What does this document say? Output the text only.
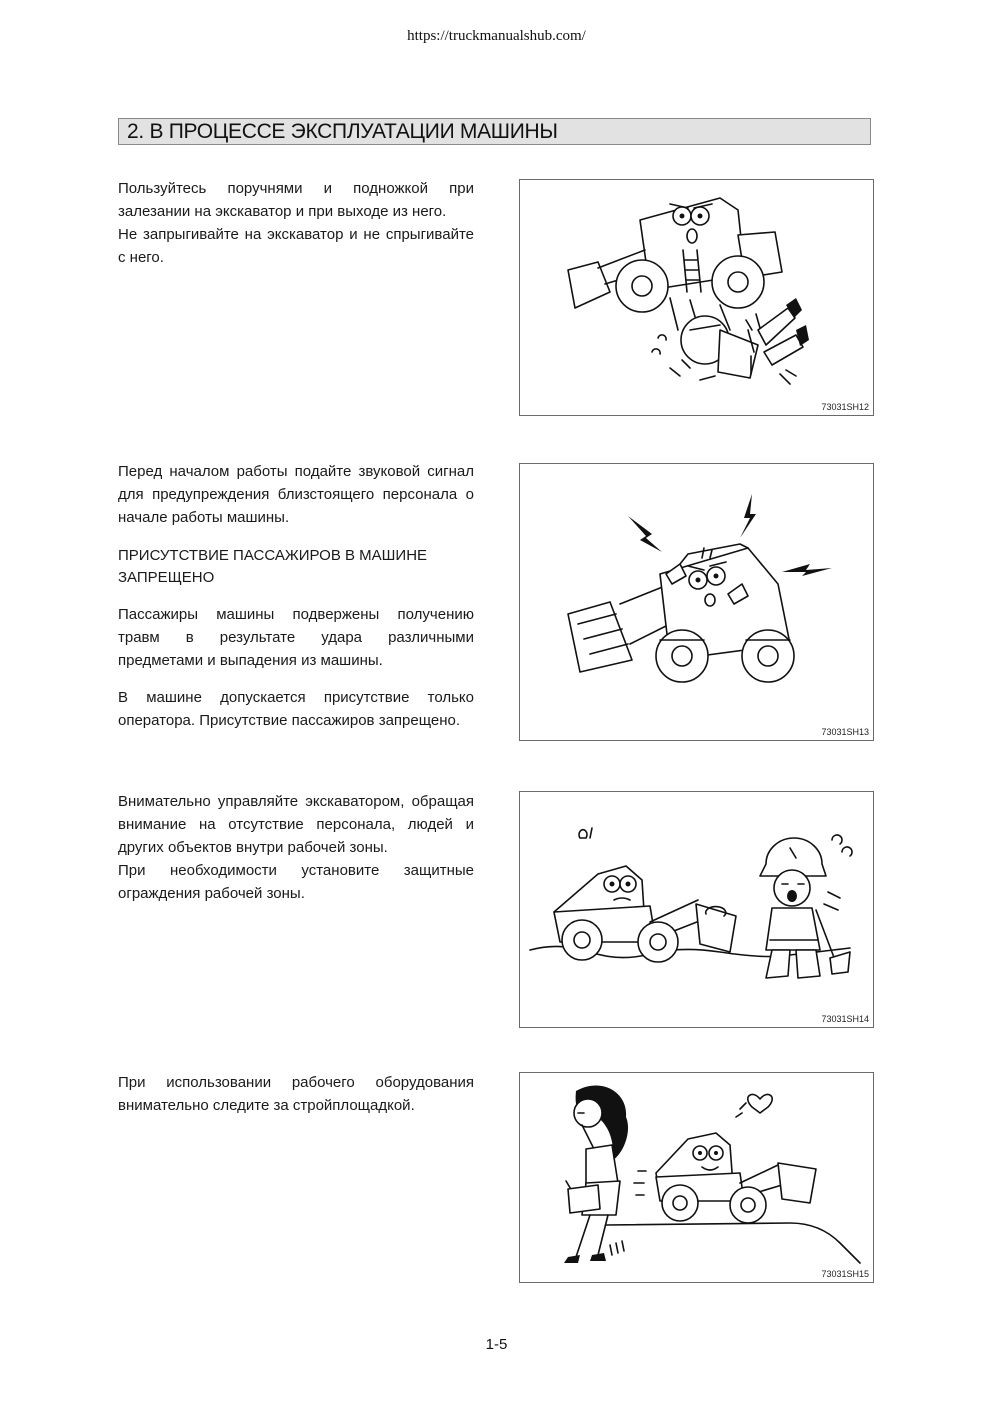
https://truckmanualshub.com/
2. В ПРОЦЕССЕ ЭКСПЛУАТАЦИИ МАШИНЫ

Пользуйтесь поручнями и подножкой при залезании на экскаватор и при выходе из него.

Не запрыгивайте на экскаватор и не спрыгивайте с него.

Перед началом работы подайте звуковой сигнал для предупреждения близстоящего персонала о начале работы машины.

ПРИСУТСТВИЕ ПАССАЖИРОВ В МАШИНЕ ЗАПРЕЩЕНО

Пассажиры машины подвержены получению травм в результате удара различными предметами и выпадения из машины.

В машине допускается присутствие только оператора. Присутствие пассажиров запрещено.

Внимательно управляйте экскаватором, обращая внимание на отсутствие персонала, людей и других объектов внутри рабочей зоны.

При необходимости установите защитные ограждения рабочей зоны.

При использовании рабочего оборудования внимательно следите за стройплощадкой.

73031SH12
73031SH13
73031SH14
73031SH15
1-5
